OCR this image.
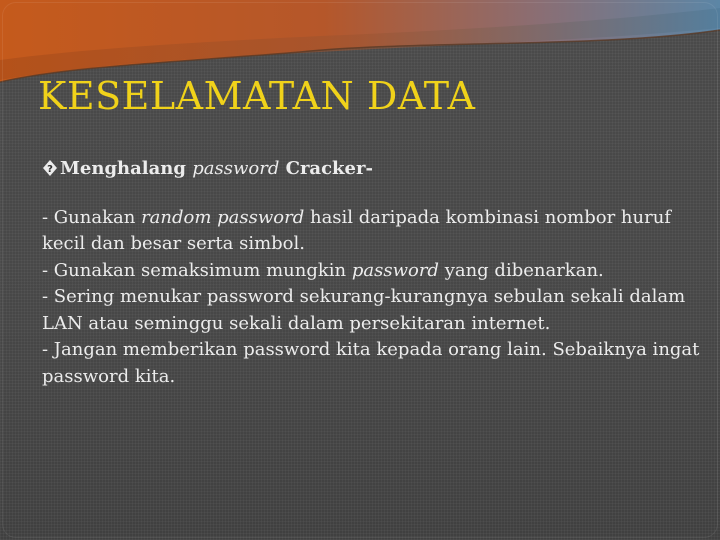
KESELAMATAN DATA

? Menghalang password Cracker-

- Gunakan random password hasil daripada kombinasi nombor huruf kecil dan besar serta simbol.

- Gunakan semaksimum mungkin password yang dibenarkan.

- Sering menukar password sekurang-kurangnya sebulan sekali dalam LAN atau seminggu sekali dalam persekitaran internet.

- Jangan memberikan password kita kepada orang lain. Sebaiknya ingat password kita.
